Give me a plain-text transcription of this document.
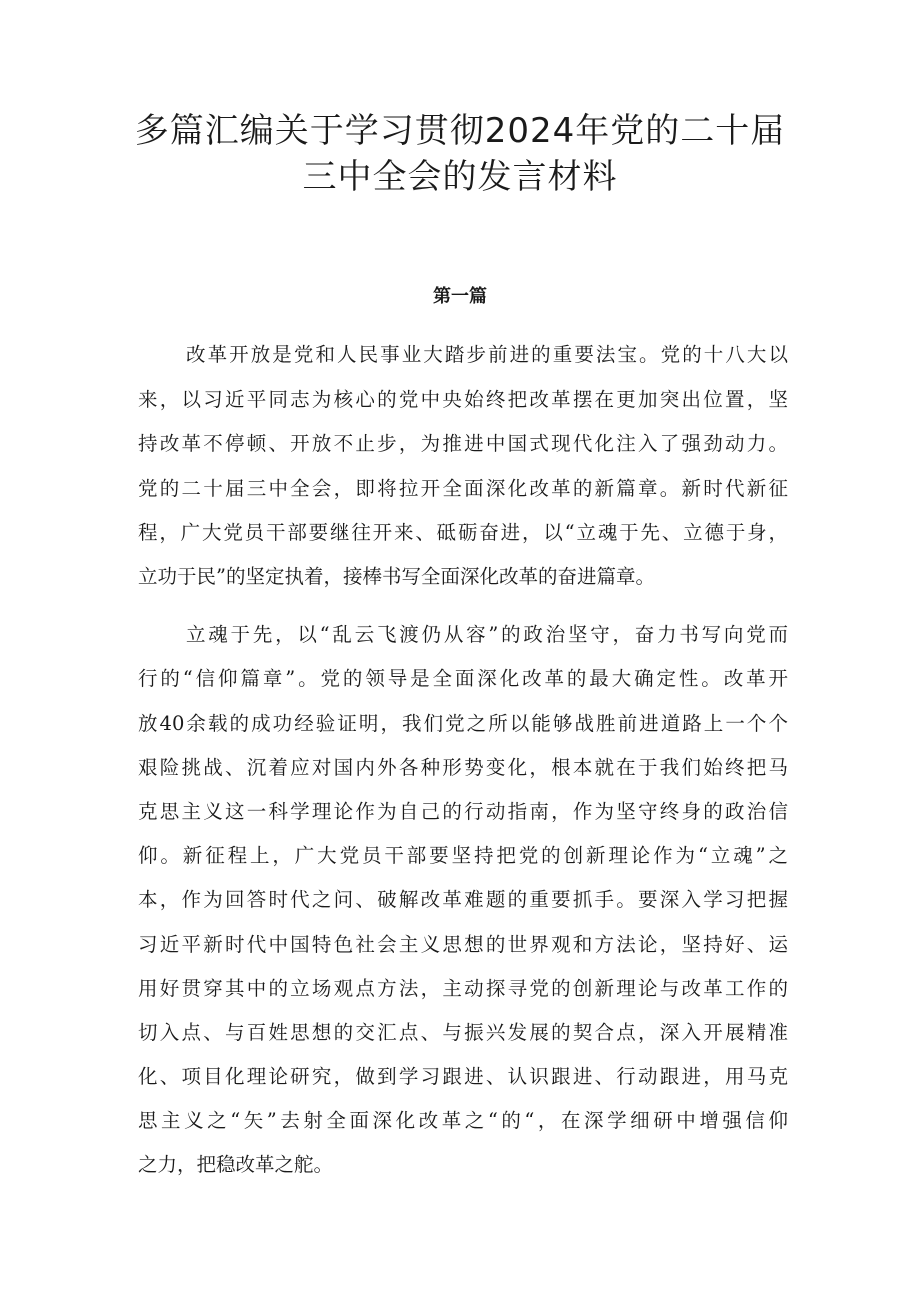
多篇汇编关于学习贯彻2024年党的二十届
三中全会的发言材料
第一篇

改革开放是党和人民事业大踏步前进的重要法宝。党的十八大以

来，以习近平同志为核心的党中央始终把改革摆在更加突出位置，坚

持改革不停顿、开放不止步，为推进中国式现代化注入了强劲动力。

党的二十届三中全会，即将拉开全面深化改革的新篇章。新时代新征

程，广大党员干部要继往开来、砥砺奋进，以“立魂于先、立德于身，

立功于民”的坚定执着，接棒书写全面深化改革的奋进篇章。

立魂于先，以“乱云飞渡仍从容”的政治坚守，奋力书写向党而

行的“信仰篇章”。党的领导是全面深化改革的最大确定性。改革开

放40余载的成功经验证明，我们党之所以能够战胜前进道路上一个个

艰险挑战、沉着应对国内外各种形势变化，根本就在于我们始终把马

克思主义这一科学理论作为自己的行动指南，作为坚守终身的政治信

仰。新征程上，广大党员干部要坚持把党的创新理论作为“立魂”之

本，作为回答时代之问、破解改革难题的重要抓手。要深入学习把握

习近平新时代中国特色社会主义思想的世界观和方法论，坚持好、运

用好贯穿其中的立场观点方法，主动探寻党的创新理论与改革工作的

切入点、与百姓思想的交汇点、与振兴发展的契合点，深入开展精准

化、项目化理论研究，做到学习跟进、认识跟进、行动跟进，用马克

思主义之“矢”去射全面深化改革之“的“，在深学细研中增强信仰

之力，把稳改革之舵。
